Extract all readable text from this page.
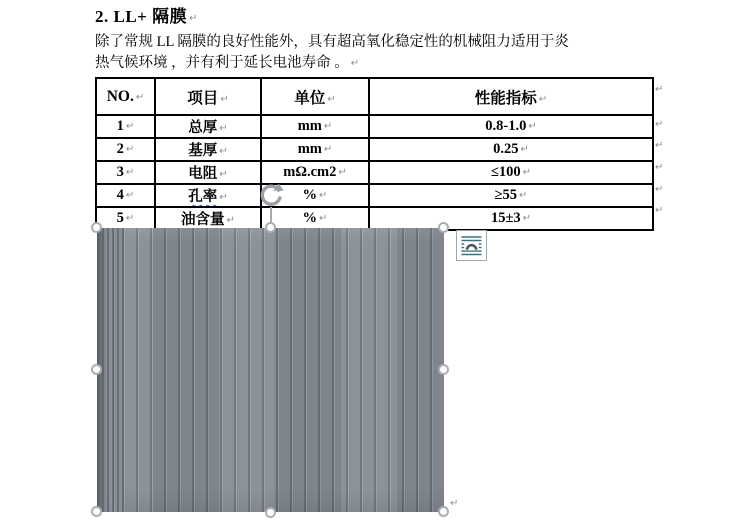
2. LL+ 隔膜 ↵
除了常规 LL 隔膜的良好性能外，具有超高氧化稳定性的机械阻力适用于炎
热气候环境 ，并有利于延长电池寿命 。 ↵
NO. ↵	项目 ↵	单位 ↵	性能指标 ↵
1 ↵	总厚 ↵	mm ↵	0.8-1.0 ↵
2 ↵	基厚 ↵	mm ↵	0.25 ↵
3 ↵	电阻 ↵	mΩ.cm2 ↵	≤100 ↵
4 ↵	孔率 ↵	% ↵	≥55 ↵
5 ↵	油含量 ↵	% ↵	15±3 ↵
↵
↵
↵
↵
↵
↵
↵
